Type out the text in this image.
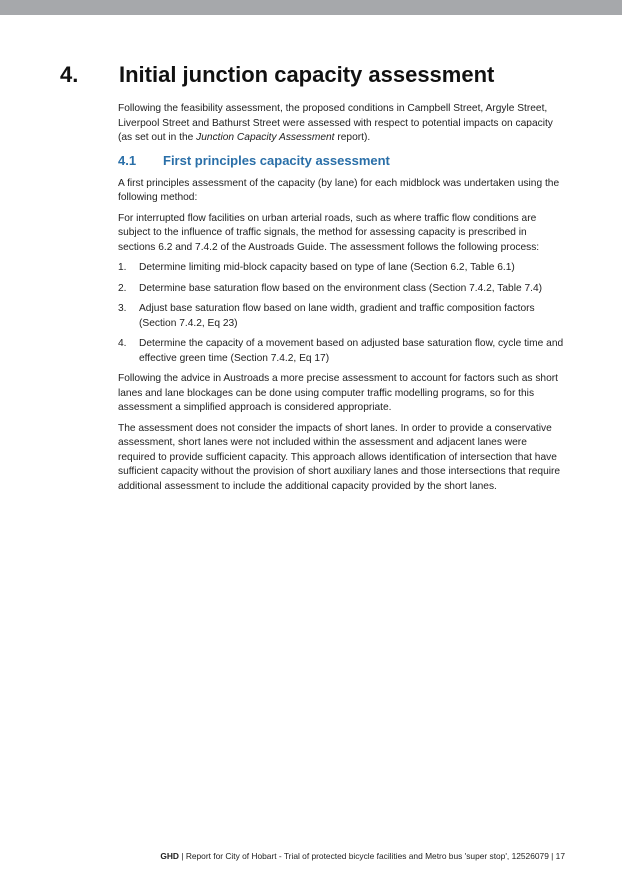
4. Initial junction capacity assessment

Following the feasibility assessment, the proposed conditions in Campbell Street, Argyle Street, Liverpool Street and Bathurst Street were assessed with respect to potential impacts on capacity (as set out in the Junction Capacity Assessment report).

4.1 First principles capacity assessment

A first principles assessment of the capacity (by lane) for each midblock was undertaken using the following method:

For interrupted flow facilities on urban arterial roads, such as where traffic flow conditions are subject to the influence of traffic signals, the method for assessing capacity is prescribed in sections 6.2 and 7.4.2 of the Austroads Guide. The assessment follows the following process:

1. Determine limiting mid-block capacity based on type of lane (Section 6.2, Table 6.1)
2. Determine base saturation flow based on the environment class (Section 7.4.2, Table 7.4)
3. Adjust base saturation flow based on lane width, gradient and traffic composition factors (Section 7.4.2, Eq 23)
4. Determine the capacity of a movement based on adjusted base saturation flow, cycle time and effective green time (Section 7.4.2, Eq 17)

Following the advice in Austroads a more precise assessment to account for factors such as short lanes and lane blockages can be done using computer traffic modelling programs, so for this assessment a simplified approach is considered appropriate.

The assessment does not consider the impacts of short lanes. In order to provide a conservative assessment, short lanes were not included within the assessment and adjacent lanes were required to provide sufficient capacity. This approach allows identification of intersection that have sufficient capacity without the provision of short auxiliary lanes and those intersections that require additional assessment to include the additional capacity provided by the short lanes.

GHD | Report for City of Hobart - Trial of protected bicycle facilities and Metro bus 'super stop', 12526079 | 17
